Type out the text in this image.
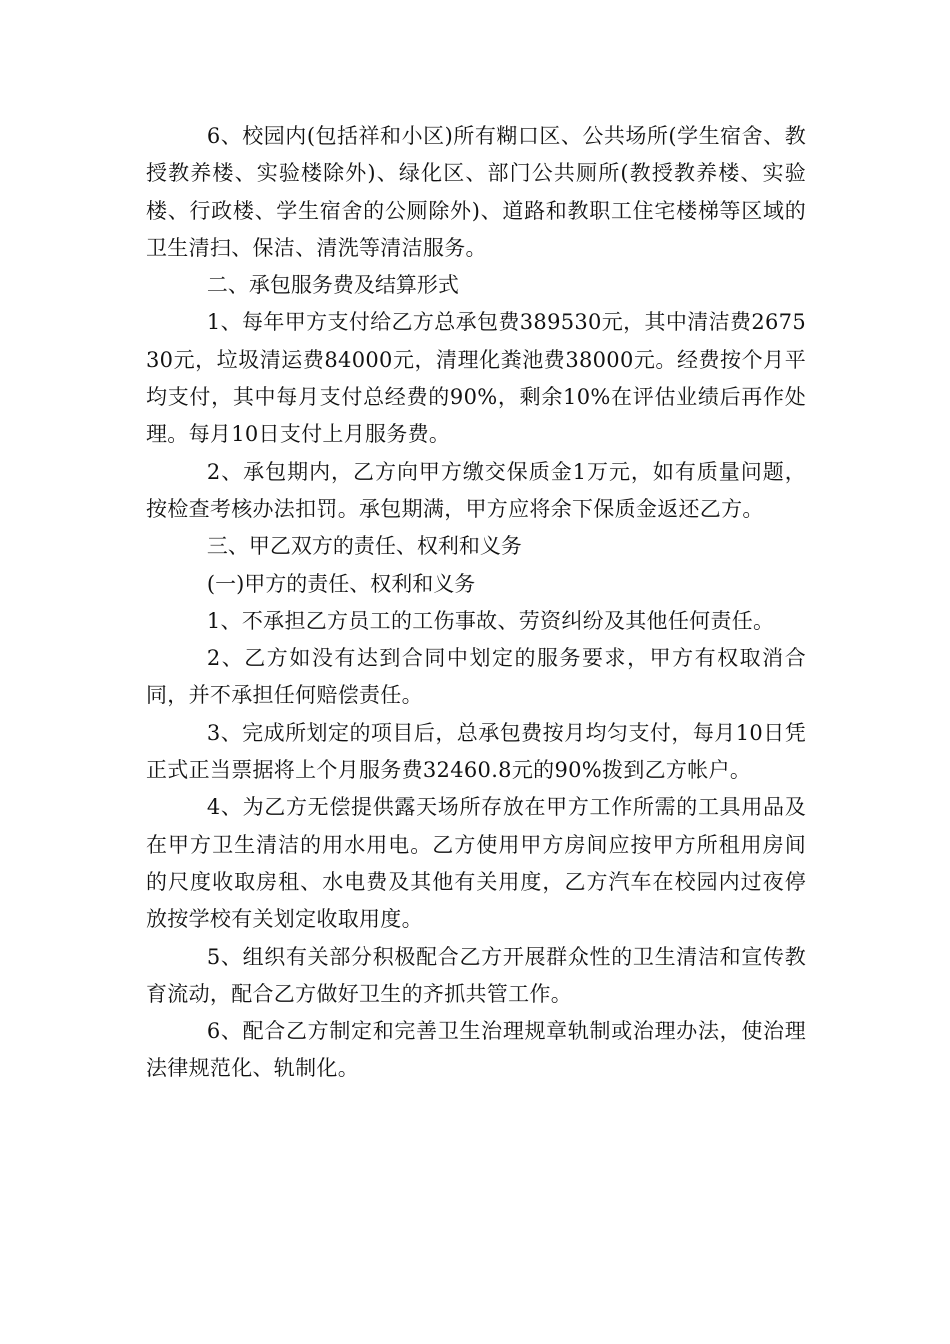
6、校园内(包括祥和小区)所有糊口区、公共场所(学生宿舍、教授教养楼、实验楼除外)、绿化区、部门公共厕所(教授教养楼、实验楼、行政楼、学生宿舍的公厕除外)、道路和教职工住宅楼梯等区域的卫生清扫、保洁、清洗等清洁服务。

二、承包服务费及结算形式

1、每年甲方支付给乙方总承包费389530元，其中清洁费267530元，垃圾清运费84000元，清理化粪池费38000元。经费按个月平均支付，其中每月支付总经费的90%，剩余10%在评估业绩后再作处理。每月10日支付上月服务费。

2、承包期内，乙方向甲方缴交保质金1万元，如有质量问题，按检查考核办法扣罚。承包期满，甲方应将余下保质金返还乙方。

三、甲乙双方的责任、权利和义务

(一)甲方的责任、权利和义务

1、不承担乙方员工的工伤事故、劳资纠纷及其他任何责任。

2、乙方如没有达到合同中划定的服务要求，甲方有权取消合同，并不承担任何赔偿责任。

3、完成所划定的项目后，总承包费按月均匀支付，每月10日凭正式正当票据将上个月服务费32460.8元的90%拨到乙方帐户。

4、为乙方无偿提供露天场所存放在甲方工作所需的工具用品及在甲方卫生清洁的用水用电。乙方使用甲方房间应按甲方所租用房间的尺度收取房租、水电费及其他有关用度，乙方汽车在校园内过夜停放按学校有关划定收取用度。

5、组织有关部分积极配合乙方开展群众性的卫生清洁和宣传教育流动，配合乙方做好卫生的齐抓共管工作。

6、配合乙方制定和完善卫生治理规章轨制或治理办法，使治理法律规范化、轨制化。
